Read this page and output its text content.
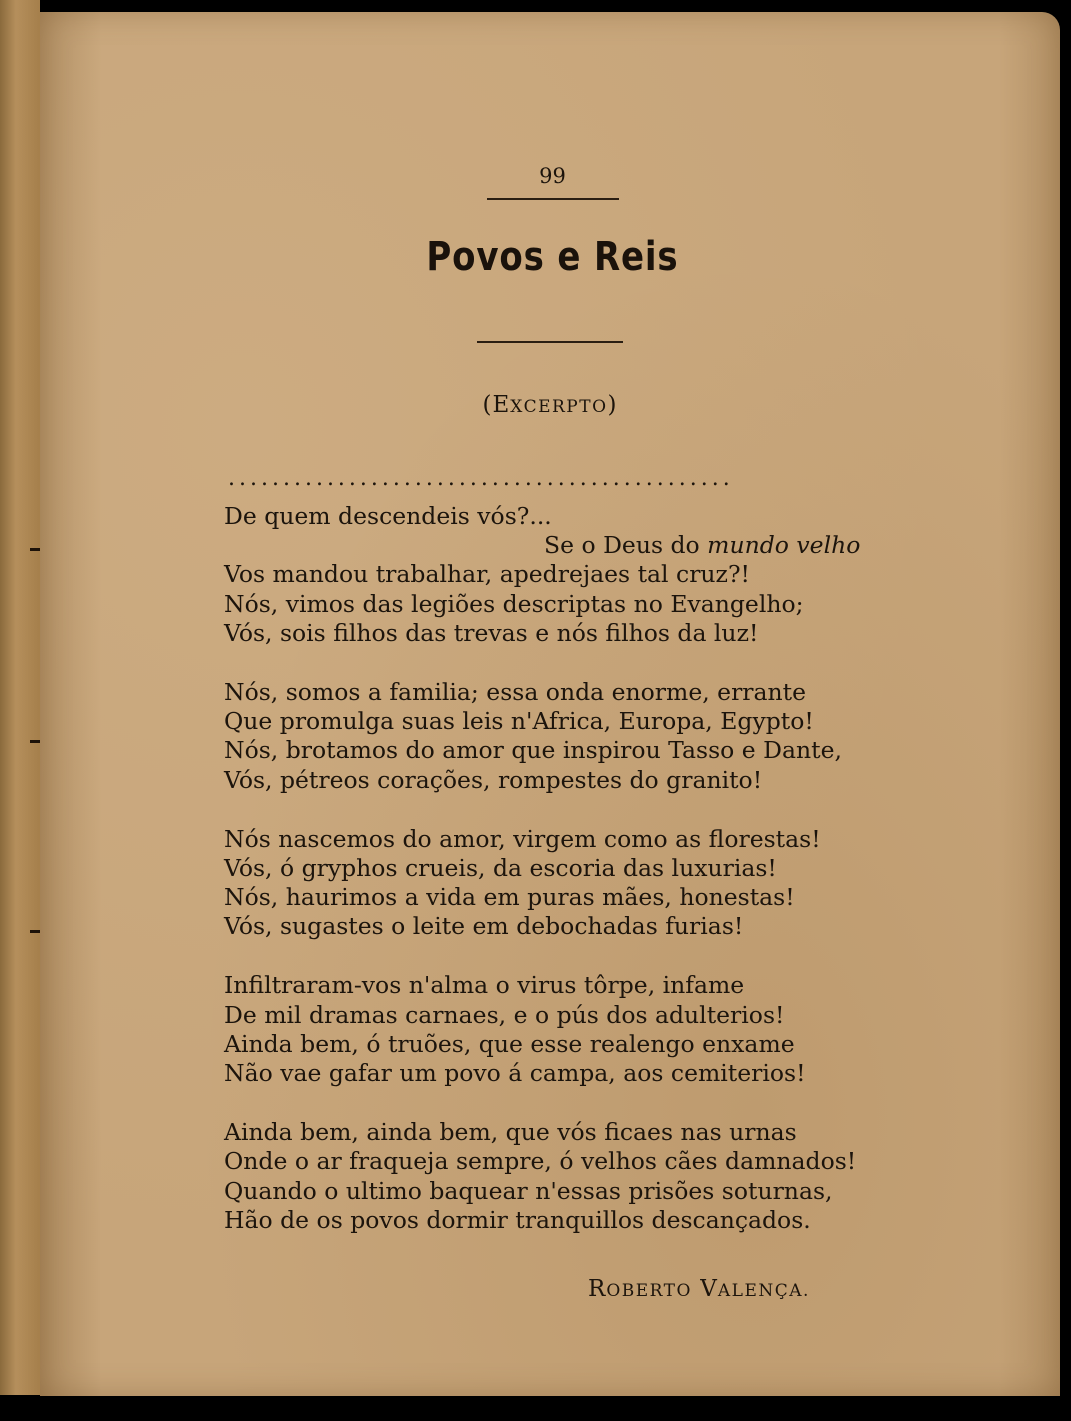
99
Povos e Reis
(EXCERPTO)
..............................................
De quem descendeis vós?...
Se o Deus do mundo velho
Vos mandou trabalhar, apedrejaes tal cruz?!
Nós, vimos das legiões descriptas no Evangelho;
Vós, sois filhos das trevas e nós filhos da luz!
Nós, somos a familia; essa onda enorme, errante
Que promulga suas leis n'Africa, Europa, Egypto!
Nós, brotamos do amor que inspirou Tasso e Dante,
Vós, pétreos corações, rompestes do granito!
Nós nascemos do amor, virgem como as florestas!
Vós, ó gryphos crueis, da escoria das luxurias!
Nós, haurimos a vida em puras mães, honestas!
Vós, sugastes o leite em debochadas furias!
Infiltraram-vos n'alma o virus tôrpe, infame
De mil dramas carnaes, e o pús dos adulterios!
Ainda bem, ó truões, que esse realengo enxame
Não vae gafar um povo á campa, aos cemiterios!
Ainda bem, ainda bem, que vós ficaes nas urnas
Onde o ar fraqueja sempre, ó velhos cães damnados!
Quando o ultimo baquear n'essas prisões soturnas,
Hão de os povos dormir tranquillos descançados.
ROBERTO VALENÇA.
